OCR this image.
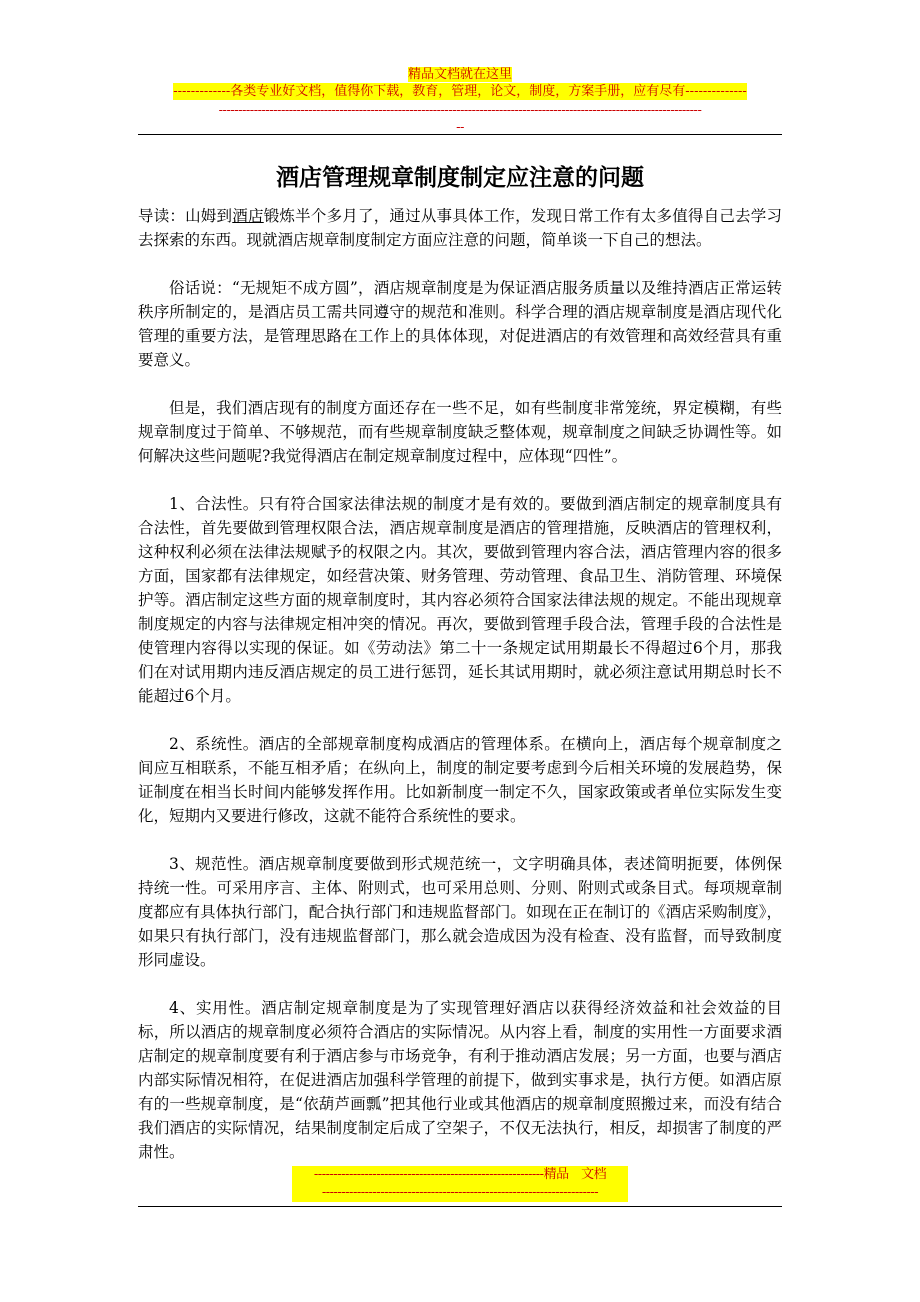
精品文档就在这里
-------------各类专业好文档，值得你下载，教育，管理，论文，制度，方案手册，应有尽有--------------
----------------------------------------------------------------------------------------------------------------------------
--
酒店管理规章制度制定应注意的问题

导读：山姆到酒店锻炼半个多月了，通过从事具体工作，发现日常工作有太多值得自己去学习去探索的东西。现就酒店规章制度制定方面应注意的问题，简单谈一下自己的想法。

俗话说：“无规矩不成方圆”，酒店规章制度是为保证酒店服务质量以及维持酒店正常运转秩序所制定的，是酒店员工需共同遵守的规范和准则。科学合理的酒店规章制度是酒店现代化管理的重要方法，是管理思路在工作上的具体体现，对促进酒店的有效管理和高效经营具有重要意义。

但是，我们酒店现有的制度方面还存在一些不足，如有些制度非常笼统，界定模糊，有些规章制度过于简单、不够规范，而有些规章制度缺乏整体观，规章制度之间缺乏协调性等。如何解决这些问题呢?我觉得酒店在制定规章制度过程中，应体现“四性”。

1、合法性。只有符合国家法律法规的制度才是有效的。要做到酒店制定的规章制度具有合法性，首先要做到管理权限合法，酒店规章制度是酒店的管理措施，反映酒店的管理权利，这种权利必须在法律法规赋予的权限之内。其次，要做到管理内容合法，酒店管理内容的很多方面，国家都有法律规定，如经营决策、财务管理、劳动管理、食品卫生、消防管理、环境保护等。酒店制定这些方面的规章制度时，其内容必须符合国家法律法规的规定。不能出现规章制度规定的内容与法律规定相冲突的情况。再次，要做到管理手段合法，管理手段的合法性是使管理内容得以实现的保证。如《劳动法》第二十一条规定试用期最长不得超过6个月，那我们在对试用期内违反酒店规定的员工进行惩罚，延长其试用期时，就必须注意试用期总时长不能超过6个月。

2、系统性。酒店的全部规章制度构成酒店的管理体系。在横向上，酒店每个规章制度之间应互相联系，不能互相矛盾；在纵向上，制度的制定要考虑到今后相关环境的发展趋势，保证制度在相当长时间内能够发挥作用。比如新制度一制定不久，国家政策或者单位实际发生变化，短期内又要进行修改，这就不能符合系统性的要求。

3、规范性。酒店规章制度要做到形式规范统一，文字明确具体，表述简明扼要，体例保持统一性。可采用序言、主体、附则式，也可采用总则、分则、附则式或条目式。每项规章制度都应有具体执行部门，配合执行部门和违规监督部门。如现在正在制订的《酒店采购制度》，如果只有执行部门，没有违规监督部门，那么就会造成因为没有检查、没有监督，而导致制度形同虚设。

4、实用性。酒店制定规章制度是为了实现管理好酒店以获得经济效益和社会效益的目标，所以酒店的规章制度必须符合酒店的实际情况。从内容上看，制度的实用性一方面要求酒店制定的规章制度要有利于酒店参与市场竞争，有利于推动酒店发展；另一方面，也要与酒店内部实际情况相符，在促进酒店加强科学管理的前提下，做到实事求是，执行方便。如酒店原有的一些规章制度，是“依葫芦画瓢”把其他行业或其他酒店的规章制度照搬过来，而没有结合我们酒店的实际情况，结果制度制定后成了空架子，不仅无法执行，相反，却损害了制度的严肃性。

-----------------------------------------------------------精品　文档
-----------------------------------------------------------------------
